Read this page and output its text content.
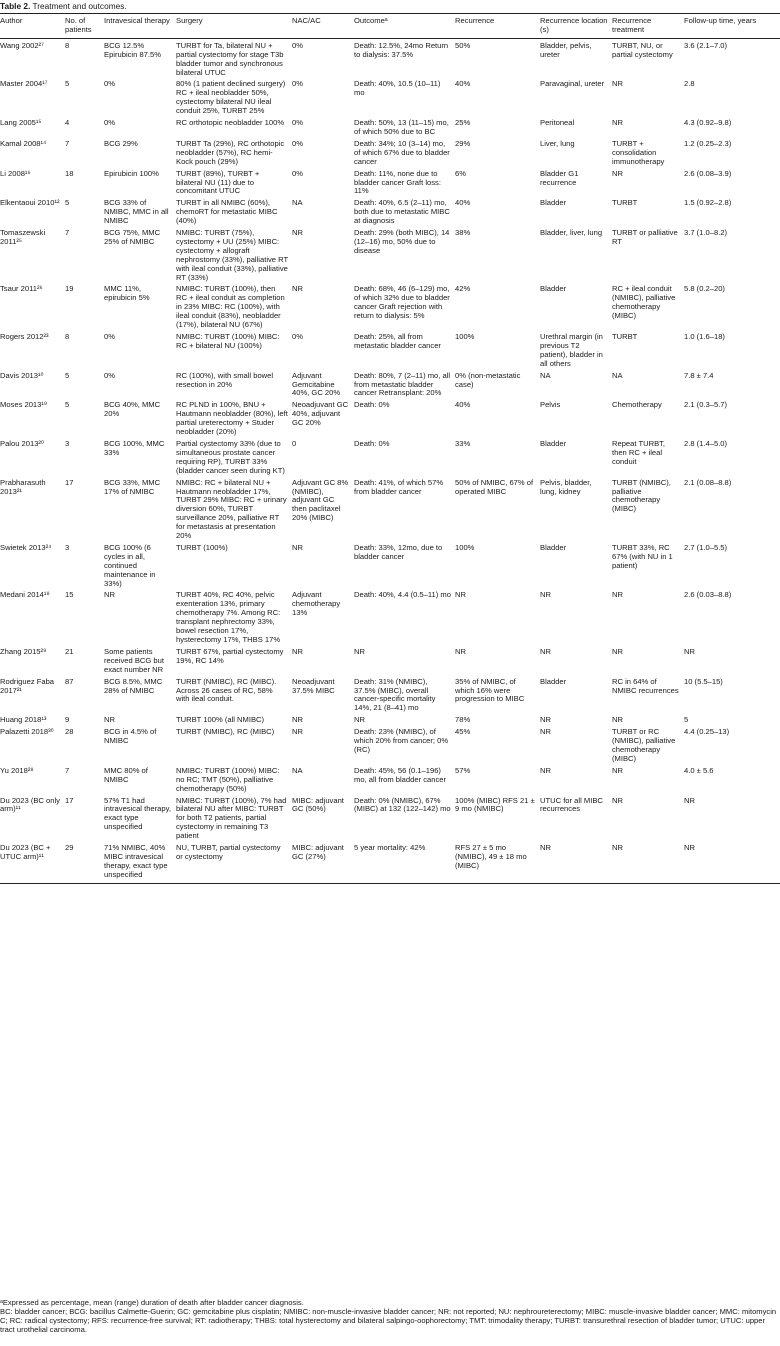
Table 2. Treatment and outcomes.
Author	No. of patients	Intravesical therapy	Surgery	NAC/AC	Outcomeᵃ	Recurrence	Recurrence location (s)	Recurrence treatment	Follow-up time, years
Wang 2002²⁷	8	BCG 12.5% Epirubicin 87.5%	TURBT for Ta, bilateral NU + partial cystectomy for stage T3b bladder tumor and synchronous bilateral UTUC	0%	Death: 12.5%, 24mo Return to dialysis: 37.5%	50%	Bladder, pelvis, ureter	TURBT, NU, or partial cystectomy	3.6 (2.1–7.0)
Master 2004¹⁷	5	0%	80% (1 patient declined surgery) RC + ileal neobladder 50%, cystectomy bilateral NU ileal conduit 25%, TURBT 25%	0%	Death: 40%, 10.5 (10–11) mo	40%	Paravaginal, ureter	NR	2.8
Lang 2005¹⁵	4	0%	RC orthotopic neobladder 100%	0%	Death: 50%, 13 (11–15) mo, of which 50% due to BC	25%	Peritoneal	NR	4.3 (0.92–9.8)
Kamal 2008¹⁴	7	BCG 29%	TURBT Ta (29%), RC orthotopic neobladder (57%), RC hemi-Kock pouch (29%)	0%	Death: 34%; 10 (3–14) mo, of which 67% due to bladder cancer	29%	Liver, lung	TURBT + consolidation immunotherapy	1.2 (0.25–2.3)
Li 2008¹⁶	18	Epirubicin 100%	TURBT (89%), TURBT + bilateral NU (11) due to concomitant UTUC	0%	Death: 11%, none due to bladder cancer Graft loss: 11%	6%	Bladder G1 recurrence	NR	2.6 (0.08–3.9)
Elkentaoui 2010¹²	5	BCG 33% of NMIBC, MMC in all NMIBC	TURBT in all NMIBC (60%), chemoRT for metastatic MIBC (40%)	NA	Death: 40%, 6.5 (2–11) mo, both due to metastatic MIBC at diagnosis	40%	Bladder	TURBT	1.5 (0.92–2.8)
Tomaszewski 2011²⁵	7	BCG 75%, MMC 25% of NMIBC	NMIBC: TURBT (75%), cystectomy + UU (25%) MIBC: cystectomy + allograft nephrostomy (33%), palliative RT with ileal conduit (33%), palliative RT (33%)	NR	Death: 29% (both MIBC), 14 (12–16) mo, 50% due to disease	38%	Bladder, liver, lung	TURBT or palliative RT	3.7 (1.0–8.2)
Tsaur 2011²⁶	19	MMC 11%, epirubicin 5%	NMIBC: TURBT (100%), then RC + ileal conduit as completion in 23% MIBC: RC (100%), with ileal conduit (83%), neobladder (17%), bilateral NU (67%)	NR	Death: 68%, 46 (6–129) mo, of which 32% due to bladder cancer Graft rejection with return to dialysis: 5%	42%	Bladder	RC + ileal conduit (NMIBC), palliative chemotherapy (MIBC)	5.8 (0.2–20)
Rogers 2012²³	8	0%	NMIBC: TURBT (100%) MIBC: RC + bilateral NU (100%)	0%	Death: 25%, all from metastatic bladder cancer	100%	Urethral margin (in previous T2 patient), bladder in all others	TURBT	1.0 (1.6–18)
Davis 2013¹⁰	5	0%	RC (100%), with small bowel resection in 20%	Adjuvant Gemcitabine 40%, GC 20%	Death: 80%, 7 (2–11) mo, all from metastatic bladder cancer Retransplant: 20%	0% (non-metastatic case)	NA	NA	7.8 ± 7.4
Moses 2013¹⁹	5	BCG 40%, MMC 20%	RC PLND in 100%, BNU + Hautmann neobladder (80%), left partial ureterectomy + Studer neobladder (20%)	Neoadjuvant GC 40%, adjuvant GC 20%	Death: 0%	40%	Pelvis	Chemotherapy	2.1 (0.3–5.7)
Palou 2013²⁰	3	BCG 100%, MMC 33%	Partial cystectomy 33% (due to simultaneous prostate cancer requiring RP), TURBT 33% (bladder cancer seen during KT)	0	Death: 0%	33%	Bladder	Repeat TURBT, then RC + ileal conduit	2.8 (1.4–5.0)
Prabharasuth 2013²¹	17	BCG 33%, MMC 17% of NMIBC	NMIBC: RC + bilateral NU + Hautmann neobladder 17%, TURBT 29% MIBC: RC + urinary diversion 60%, TURBT surveillance 20%, palliative RT for metastasis at presentation 20%	Adjuvant GC 8% (NMIBC), adjuvant GC then paclitaxel 20% (MIBC)	Death: 41%, of which 57% from bladder cancer	50% of NMIBC, 67% of operated MIBC	Pelvis, bladder, lung, kidney	TURBT (NMIBC), palliative chemotherapy (MIBC)	2.1 (0.08–8.8)
Swietek 2013²⁴	3	BCG 100% (6 cycles in all, continued maintenance in 33%)	TURBT (100%)	NR	Death: 33%, 12mo, due to bladder cancer	100%	Bladder	TURBT 33%, RC 67% (with NU in 1 patient)	2.7 (1.0–5.5)
Medani 2014¹⁸	15	NR	TURBT 40%, RC 40%, pelvic exenteration 13%, primary chemotherapy 7%. Among RC: transplant nephrectomy 33%, bowel resection 17%, hysterectomy 17%, THBS 17%	Adjuvant chemotherapy 13%	Death: 40%, 4.4 (0.5–11) mo	NR	NR	NR	2.6 (0.03–8.8)
Zhang 2015²⁹	21	Some patients received BCG but exact number NR	TURBT 67%, partial cystectomy 19%, RC 14%	NR	NR	NR	NR	NR	NR
Rodriguez Faba 2017²¹	87	BCG 8.5%, MMC 28% of NMIBC	TURBT (NMIBC), RC (MIBC). Across 26 cases of RC, 58% with ileal conduit.	Neoadjuvant 37.5% MIBC	Death: 31% (NMIBC), 37.5% (MIBC), overall cancer-specific mortality 14%, 21 (8–41) mo	35% of NMIBC, of which 16% were progression to MIBC	Bladder	RC in 64% of NMIBC recurrences	10 (5.5–15)
Huang 2018¹³	9	NR	TURBT 100% (all NMIBC)	NR	NR	78%	NR	NR	5
Palazetti 2018³⁰	28	BCG in 4.5% of NMIBC	TURBT (NMIBC), RC (MIBC)	NR	Death: 23% (NMIBC), of which 20% from cancer; 0% (RC)	45%	NR	TURBT or RC (NMIBC), palliative chemotherapy (MIBC)	4.4 (0.25–13)
Yu 2018²⁸	7	MMC 80% of NMIBC	NMIBC: TURBT (100%) MIBC: no RC; TMT (50%), palliative chemotherapy (50%)	NA	Death: 45%, 56 (0.1–196) mo, all from bladder cancer	57%	NR	NR	4.0 ± 5.6
Du 2023 (BC only arm)¹¹	17	57% T1 had intravesical therapy, exact type unspecified	NMIBC: TURBT (100%), 7% had bilateral NU after MIBC: TURBT for both T2 patients, partial cystectomy in remaining T3 patient	MIBC: adjuvant GC (50%)	Death: 0% (NMIBC), 67% (MIBC) at 132 (122–142) mo	100% (MIBC) RFS 21 ± 9 mo (NMIBC)	UTUC for all MIBC recurrences	NR	NR
Du 2023 (BC + UTUC arm)¹¹	29	71% NMIBC, 40% MIBC intravesical therapy, exact type unspecified	NU, TURBT, partial cystectomy or cystectomy	MIBC: adjuvant GC (27%)	5 year mortality: 42%	RFS 27 ± 5 mo (NMIBC), 49 ± 18 mo (MIBC)	NR	NR	NR
ᵃExpressed as percentage, mean (range) duration of death after bladder cancer diagnosis.
BC: bladder cancer; BCG: bacillus Calmette-Guerin; GC: gemcitabine plus cisplatin; NMIBC: non-muscle-invasive bladder cancer; NR: not reported; NU: nephroureterectomy; MIBC: muscle-invasive bladder cancer; MMC: mitomycin C; RC: radical cystectomy; RFS: recurrence-free survival; RT: radiotherapy; THBS: total hysterectomy and bilateral salpingo-oophorectomy; TMT: trimodality therapy; TURBT: transurethral resection of bladder tumor; UTUC: upper tract urothelial carcinoma.
